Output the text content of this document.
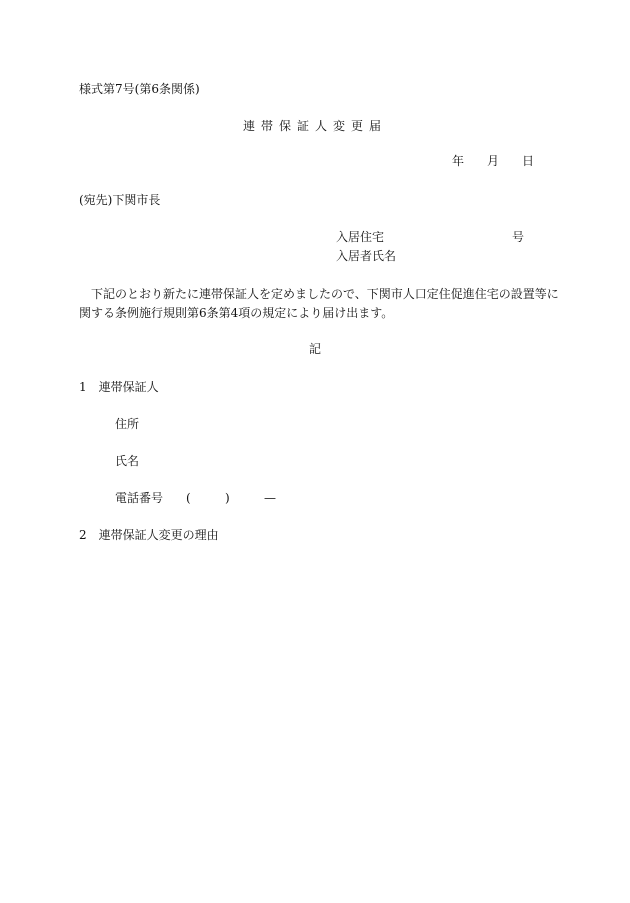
様式第7号(第6条関係)
連帯保証人変更届
年 月 日
(宛先)下関市長
入居住宅	号
入居者氏名
　下記のとおり新たに連帯保証人を定めましたので、下関市人口定住促進住宅の設置等に
関する条例施行規則第6条第4項の規定により届け出ます。
記
1　連帯保証人
住所
氏名
電話番号 (	)	—
2　連帯保証人変更の理由
